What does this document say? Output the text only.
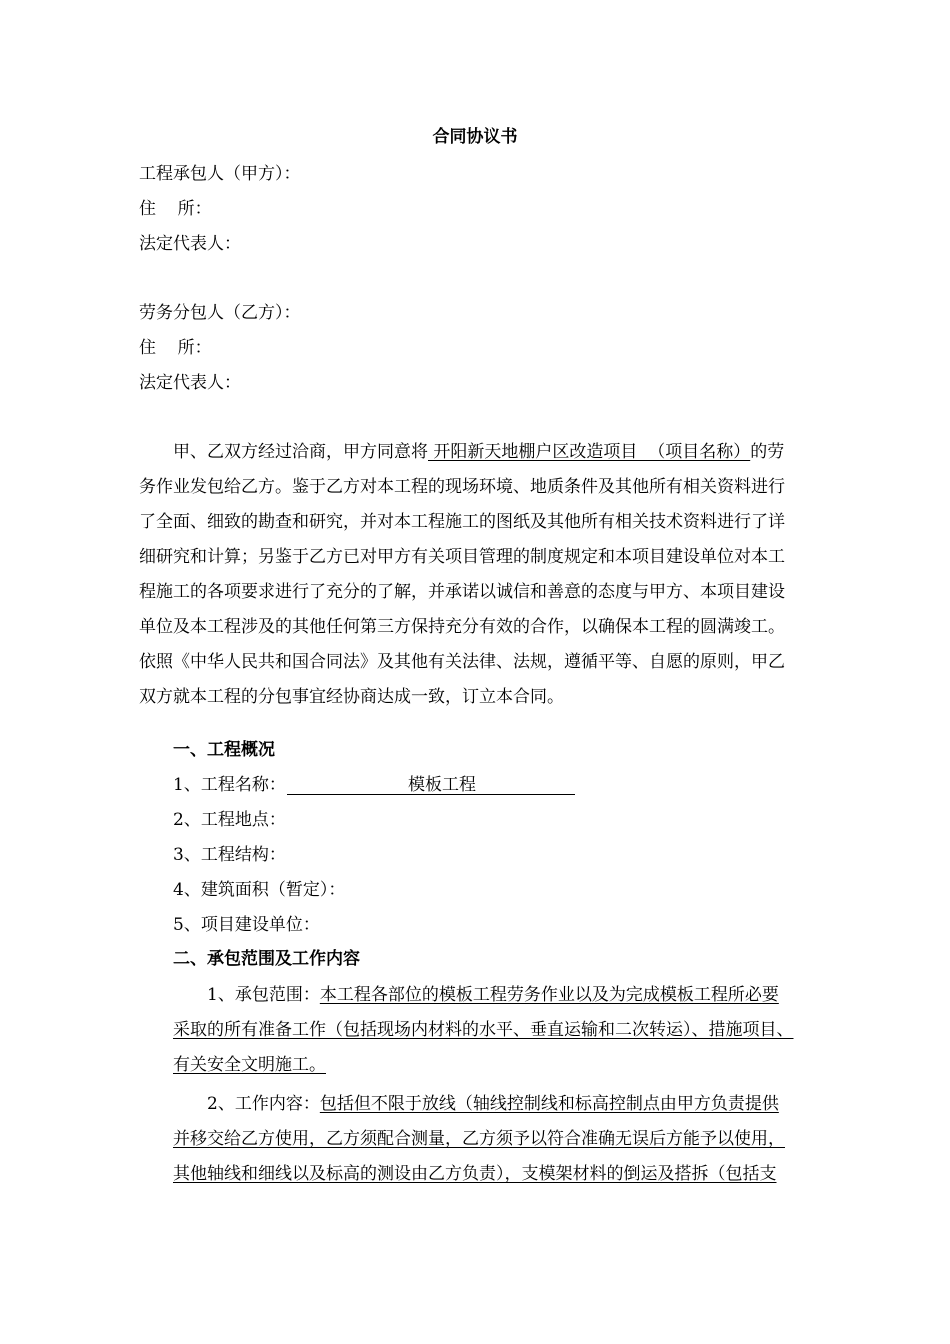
合同协议书
工程承包人（甲方）：
住    所：
法定代表人：
劳务分包人（乙方）：
住    所：
法定代表人：
甲、乙双方经过洽商，甲方同意将 开阳新天地棚户区改造项目  （项目名称）的劳
务作业发包给乙方。鉴于乙方对本工程的现场环境、地质条件及其他所有相关资料进行
了全面、细致的勘查和研究，并对本工程施工的图纸及其他所有相关技术资料进行了详
细研究和计算；另鉴于乙方已对甲方有关项目管理的制度规定和本项目建设单位对本工
程施工的各项要求进行了充分的了解，并承诺以诚信和善意的态度与甲方、本项目建设
单位及本工程涉及的其他任何第三方保持充分有效的合作，以确保本工程的圆满竣工。
依照《中华人民共和国合同法》及其他有关法律、法规，遵循平等、自愿的原则，甲乙
双方就本工程的分包事宜经协商达成一致，订立本合同。
一、工程概况
1、工程名称：	模板工程
2、工程地点：
3、工程结构：
4、建筑面积（暂定）：
5、项目建设单位：
二、承包范围及工作内容
1、承包范围：本工程各部位的模板工程劳务作业以及为完成模板工程所必要
采取的所有准备工作（包括现场内材料的水平、垂直运输和二次转运）、措施项目、
有关安全文明施工。
2、工作内容：包括但不限于放线（轴线控制线和标高控制点由甲方负责提供
并移交给乙方使用，乙方须配合测量，乙方须予以符合准确无误后方能予以使用，
其他轴线和细线以及标高的测设由乙方负责），支模架材料的倒运及搭拆（包括支
